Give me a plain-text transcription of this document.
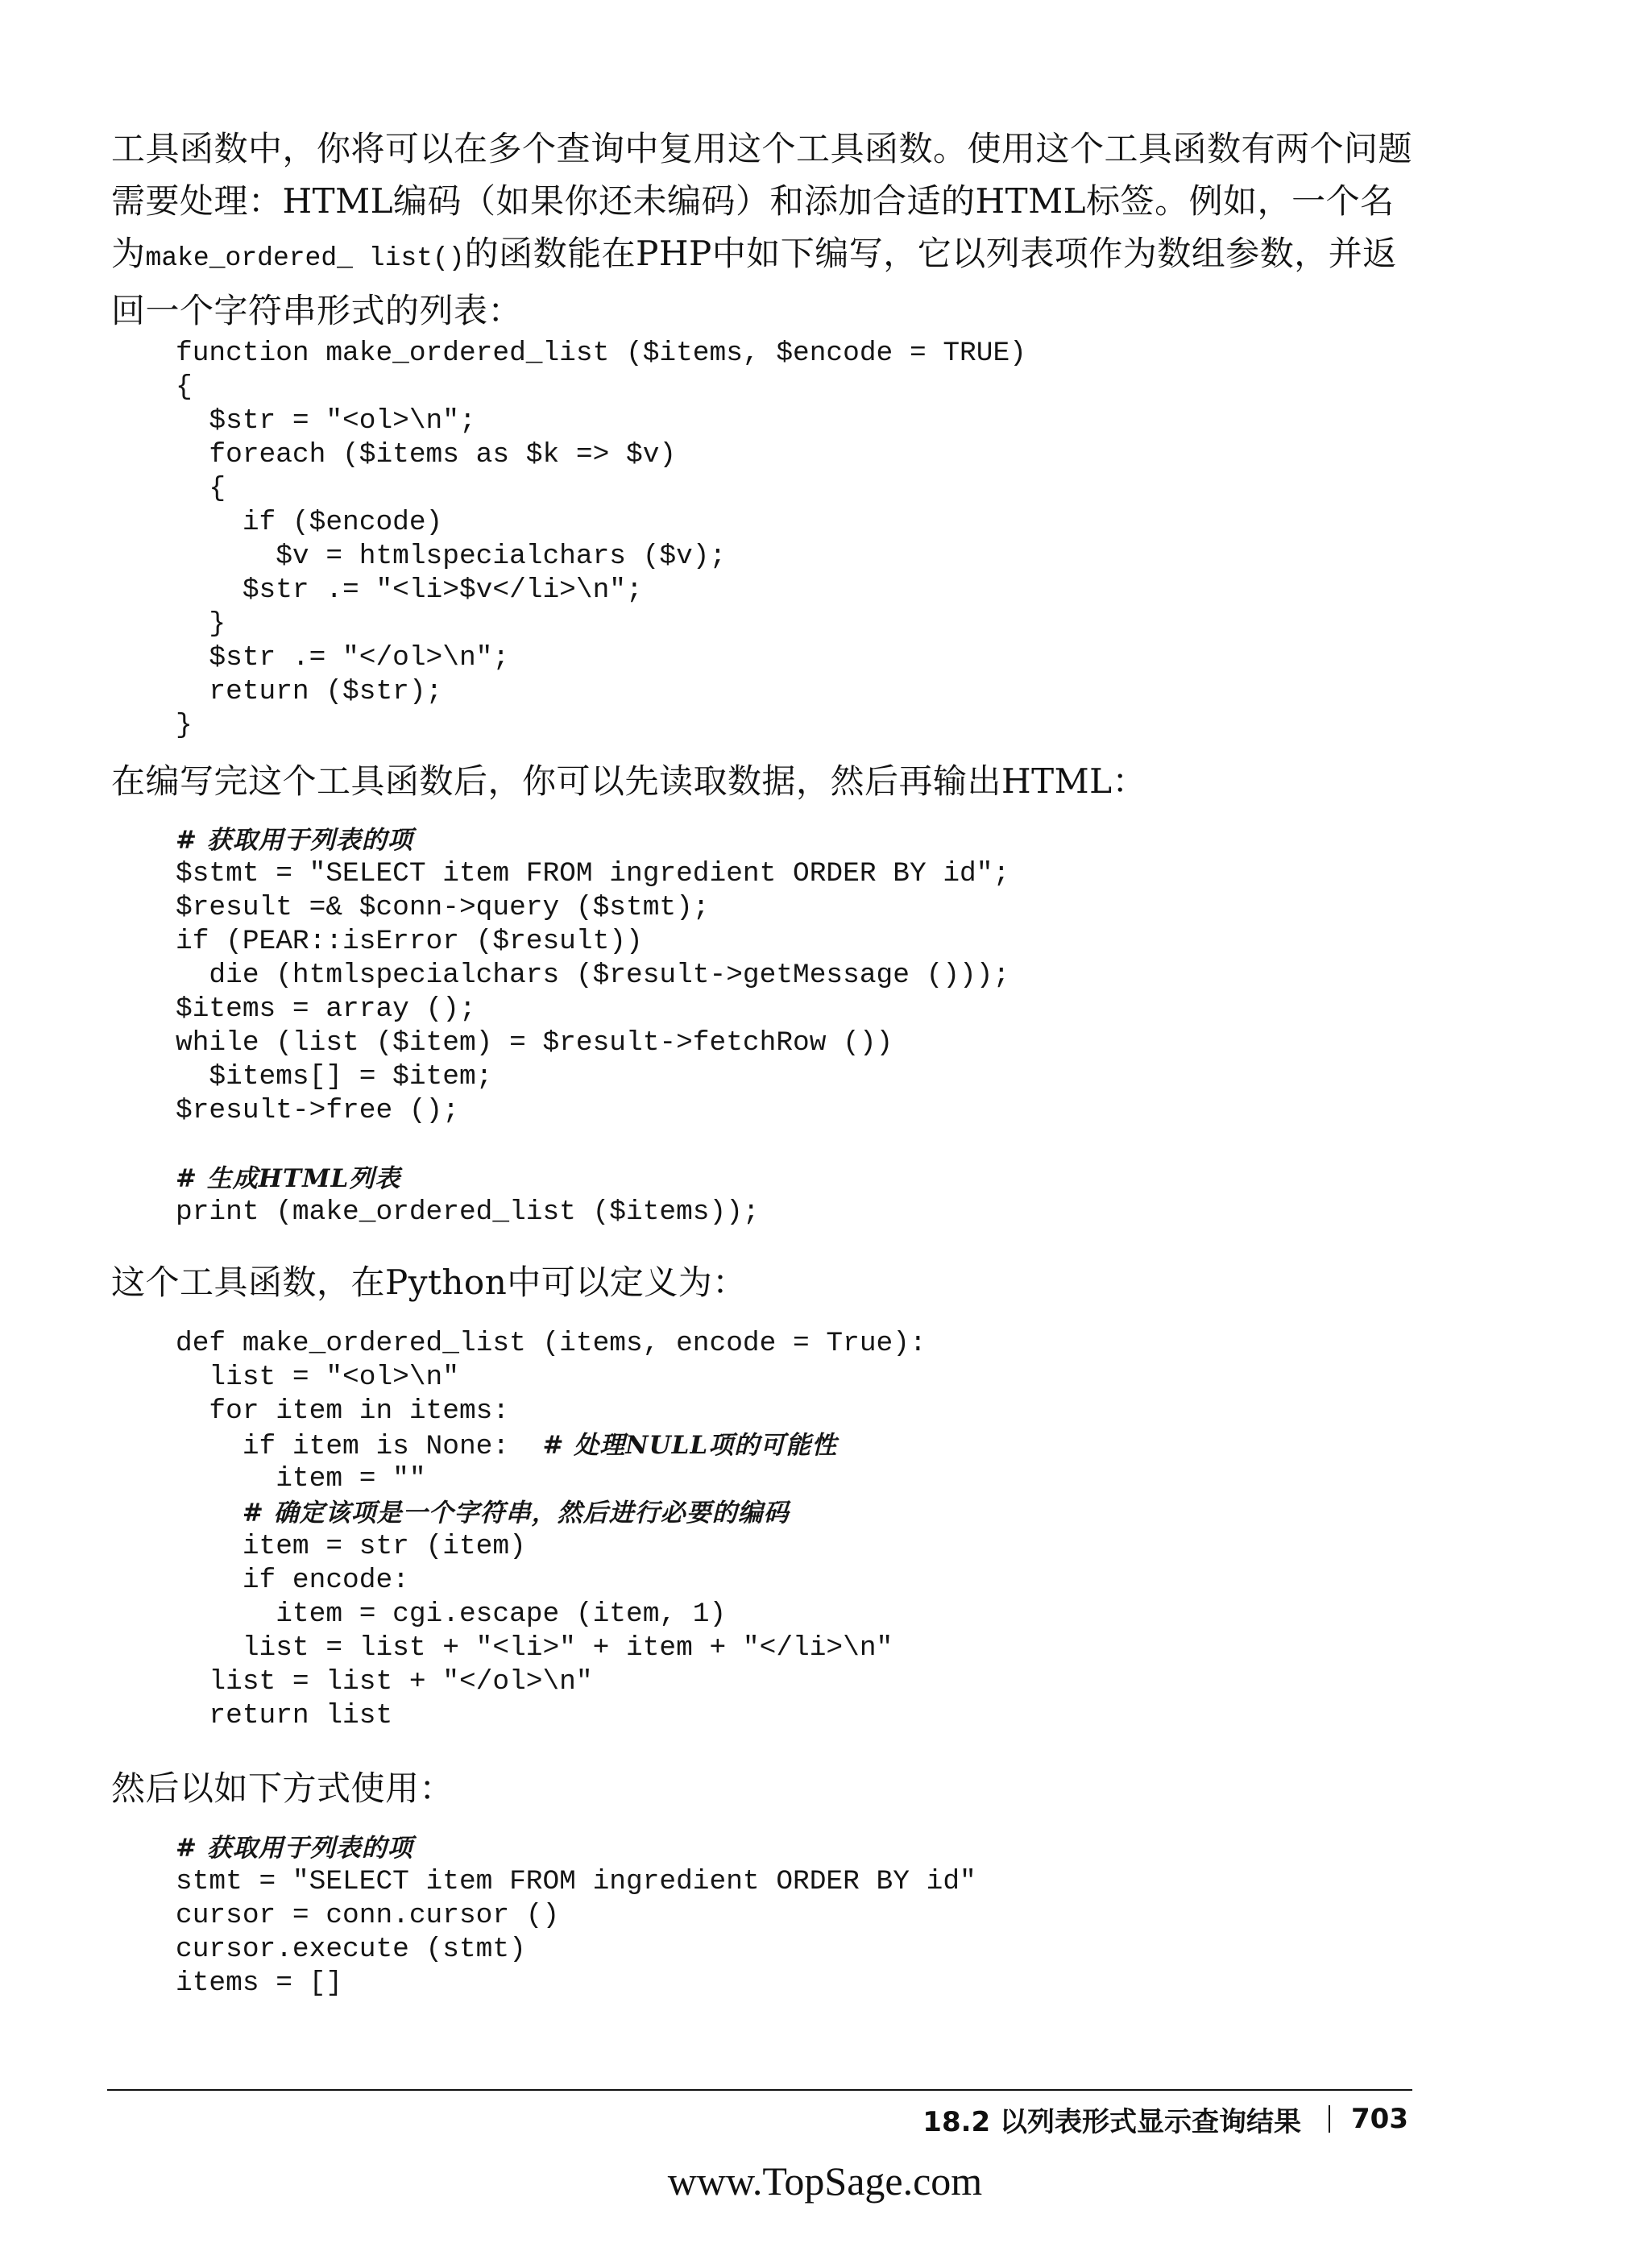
工具函数中，你将可以在多个查询中复用这个工具函数。使用这个工具函数有两个问题需要处理：HTML编码（如果你还未编码）和添加合适的HTML标签。例如，一个名为make_ordered_ list()的函数能在PHP中如下编写，它以列表项作为数组参数，并返回一个字符串形式的列表：

function make_ordered_list ($items, $encode = TRUE)
{
$str = "<ol>\n";
foreach ($items as $k => $v)
{
if ($encode)
$v = htmlspecialchars ($v);
$str .= "<li>$v</li>\n";
}
$str .= "</ol>\n";
return ($str);
}

在编写完这个工具函数后，你可以先读取数据，然后再输出HTML：

# 获取用于列表的项
$stmt = "SELECT item FROM ingredient ORDER BY id";
$result =& $conn->query ($stmt);
if (PEAR::isError ($result))
die (htmlspecialchars ($result->getMessage ()));
$items = array ();
while (list ($item) = $result->fetchRow ())
$items[] = $item;
$result->free ();
# 生成HTML列表
print (make_ordered_list ($items));

这个工具函数，在Python中可以定义为：

def make_ordered_list (items, encode = True):
list = "<ol>\n"
for item in items:
if item is None:  # 处理NULL项的可能性
item = ""
# 确定该项是一个字符串，然后进行必要的编码
item = str (item)
if encode:
item = cgi.escape (item, 1)
list = list + "<li>" + item + "</li>\n"
list = list + "</ol>\n"
return list

然后以如下方式使用：

# 获取用于列表的项
stmt = "SELECT item FROM ingredient ORDER BY id"
cursor = conn.cursor ()
cursor.execute (stmt)
items = []
18.2 以列表形式显示查询结果 703
www.TopSage.com
